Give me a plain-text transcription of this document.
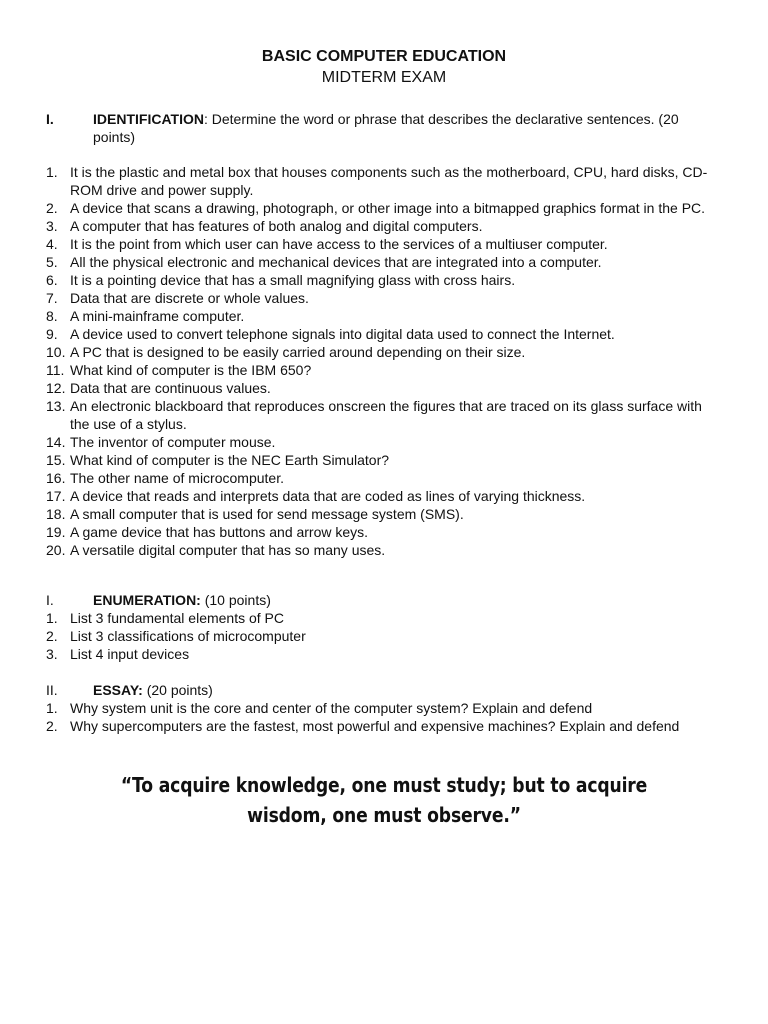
BASIC COMPUTER EDUCATION
MIDTERM EXAM
I.	IDENTIFICATION: Determine the word or phrase that describes the declarative sentences. (20 points)
1. It is the plastic and metal box that houses components such as the motherboard, CPU, hard disks, CD-ROM drive and power supply.
2. A device that scans a drawing, photograph, or other image into a bitmapped graphics format in the PC.
3. A computer that has features of both analog and digital computers.
4. It is the point from which user can have access to the services of a multiuser computer.
5. All the physical electronic and mechanical devices that are integrated into a computer.
6. It is a pointing device that has a small magnifying glass with cross hairs.
7. Data that are discrete or whole values.
8. A mini-mainframe computer.
9. A device used to convert telephone signals into digital data used to connect the Internet.
10. A PC that is designed to be easily carried around depending on their size.
11. What kind of computer is the IBM 650?
12. Data that are continuous values.
13. An electronic blackboard that reproduces onscreen the figures that are traced on its glass surface with the use of a stylus.
14. The inventor of computer mouse.
15. What kind of computer is the NEC Earth Simulator?
16. The other name of microcomputer.
17. A device that reads and interprets data that are coded as lines of varying thickness.
18. A small computer that is used for send message system (SMS).
19. A game device that has buttons and arrow keys.
20. A versatile digital computer that has so many uses.
I.	ENUMERATION: (10 points)
1. List 3 fundamental elements of PC
2. List 3 classifications of microcomputer
3. List 4 input devices
II.	ESSAY: (20 points)
1. Why system unit is the core and center of the computer system? Explain and defend
2. Why supercomputers are the fastest, most powerful and expensive machines? Explain and defend
“To acquire knowledge, one must study; but to acquire wisdom, one must observe.”
